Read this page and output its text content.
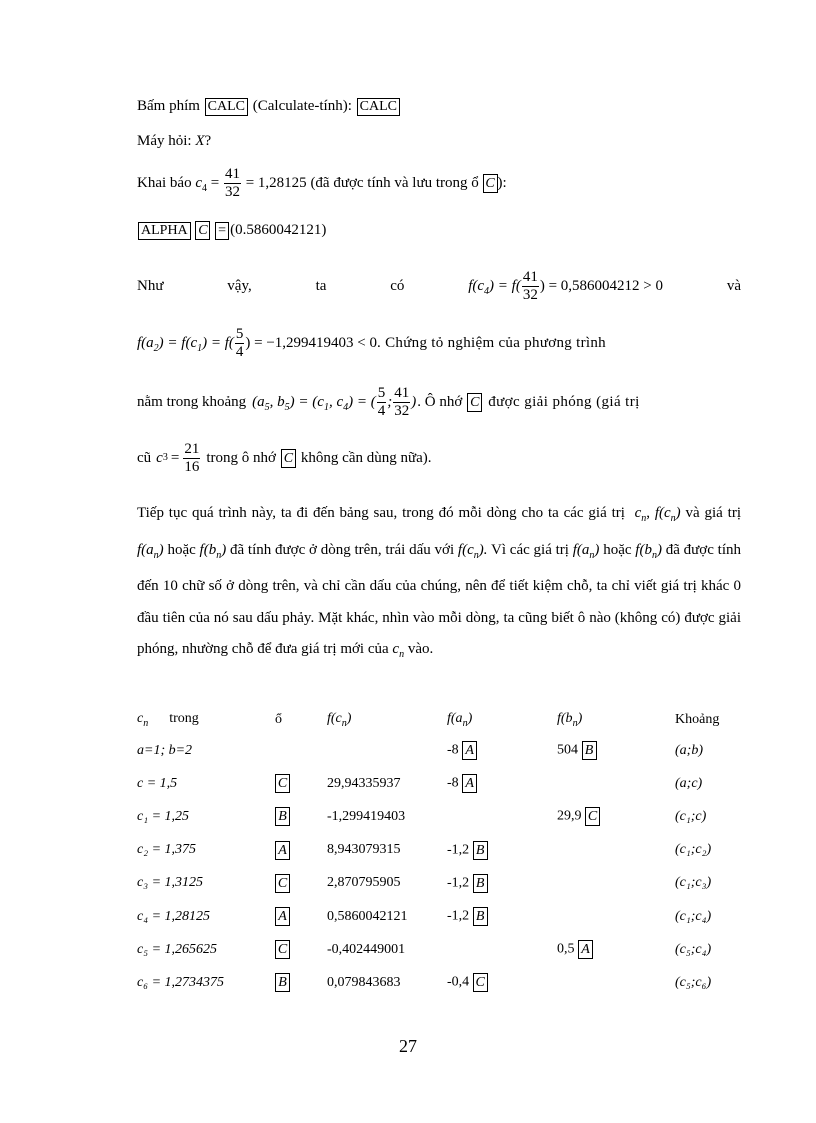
Bấm phím CALC (Calculate-tính): CALC
Máy hỏi: X?
Khai báo $c_4 = \frac{41}{32} = 1,28125$ (đã được tính và lưu trong ổ C ):
ALPHA C = (0.5860042121)
Như	vậy,	ta	có	$f(c_4) = f( \frac{41}{32}$ ) = 0,586004212 > 0	và
$f(a_2) = f(c_1) = f( \frac{5}{4}$ ) = −1,299419403 < 0 . Chứng tỏ nghiệm của phương trình
nằm trong khoảng ($a_5$, $b_5) = (c_1$, $c_4$) = ( $\frac{5}{4}$ ; $\frac{41}{32}$ ) . Ô nhớ C được giải phóng (giá trị
cũ c $3 = \frac{21}{16}$ trong ô nhớ C không cần dùng nữa).
Tiếp tục quá trình này, ta đi đến bảng sau, trong đó mỗi dòng cho ta các giá trị $c_n$, $f(c_n)$ và giá trị $f(a_n)$ hoặc $f(b_n)$ đã tính được ở dòng trên, trái dấu với $f(c_n)$. Vì các giá trị $f(a_n)$ hoặc $f(b_n)$ đã được tính đến 10 chữ số ở dòng trên, và chỉ cần dấu của chúng, nên để tiết kiệm chỗ, ta chỉ viết giá trị khác 0 đầu tiên của nó sau dấu phảy. Mặt khác, nhìn vào mỗi dòng, ta cũng biết ô nào (không có) được giải phóng, nhường chỗ để đưa giá trị mới của $c_n$ vào.
$c_n$ trong	ổ	$f(c_n)$	$f(a_n)$	$f(b_n)$	Khoảng
a=1; b=2			-8 A	504 B	(a;b)
c = 1,5	C	29,94335937	-8 A		(a;c)
c₁ = 1,25	B	-1,299419403		29,9 C	(c₁;c)
c₂ = 1,375	A	8,943079315	-1,2 B		(c₁;c₂)
c₃ = 1,3125	C	2,870795905	-1,2 B		(c₁;c₃)
c₄ = 1,28125	A	0,5860042121	-1,2 B		(c₁;c₄)
c₅ = 1,265625	C	-0,402449001		0,5 A	(c₅;c₄)
c₆ = 1,2734375	B	0,079843683	-0,4 C		(c₅;c₆)
27
